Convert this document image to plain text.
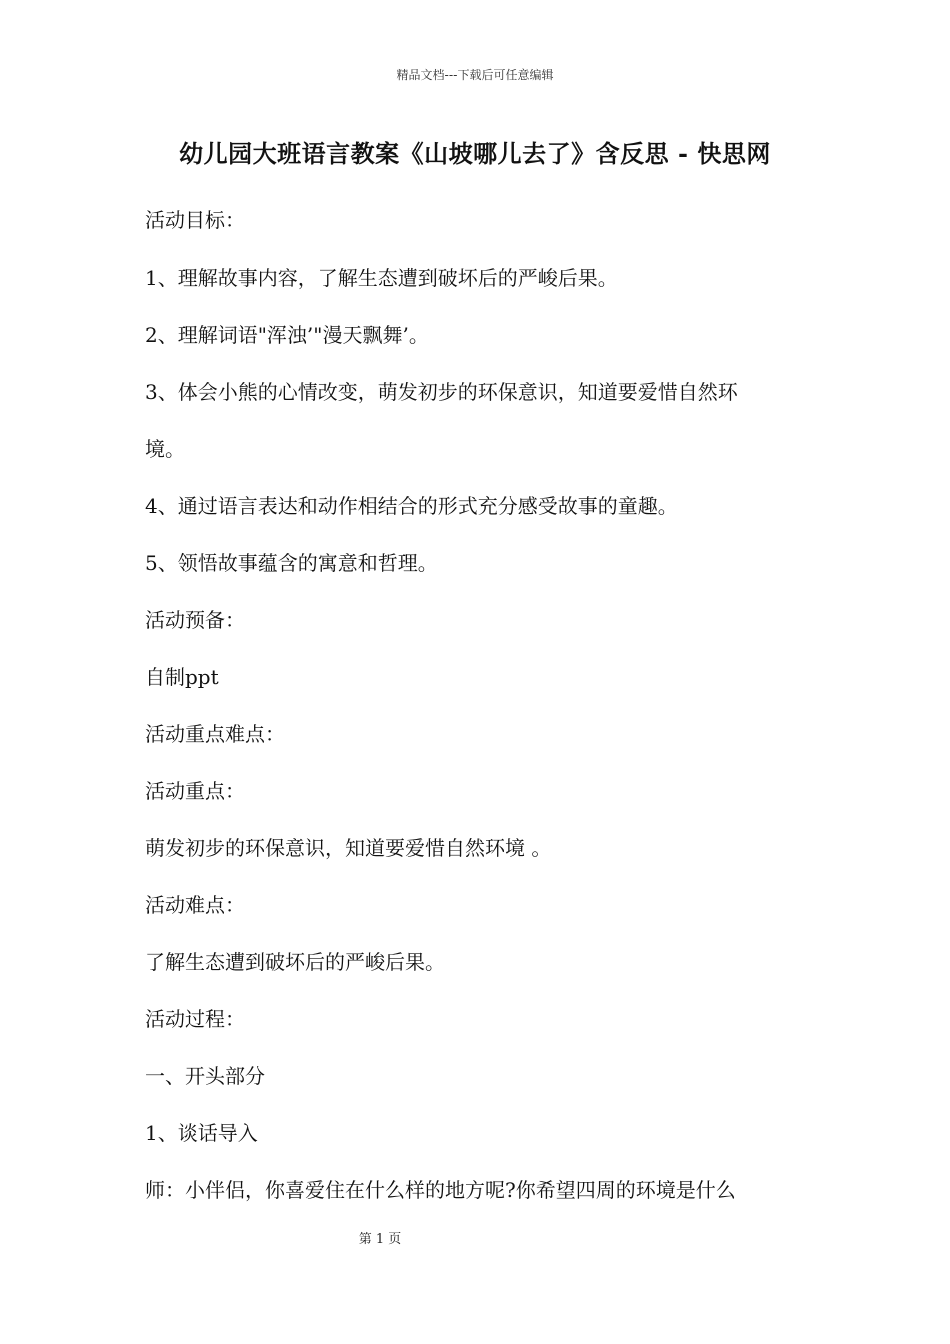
精品文档---下载后可任意编辑
幼儿园大班语言教案《山坡哪儿去了》含反思 - 快思网
活动目标：
1、理解故事内容，了解生态遭到破坏后的严峻后果。
2、理解词语"浑浊’"漫天飘舞’。
3、体会小熊的心情改变，萌发初步的环保意识，知道要爱惜自然环
境。
4、通过语言表达和动作相结合的形式充分感受故事的童趣。
5、领悟故事蕴含的寓意和哲理。
活动预备：
自制ppt
活动重点难点：
活动重点：
萌发初步的环保意识，知道要爱惜自然环境 。
活动难点：
了解生态遭到破坏后的严峻后果。
活动过程：
一、开头部分
1、谈话导入
师：小伴侣，你喜爱住在什么样的地方呢?你希望四周的环境是什么
第 1 页
